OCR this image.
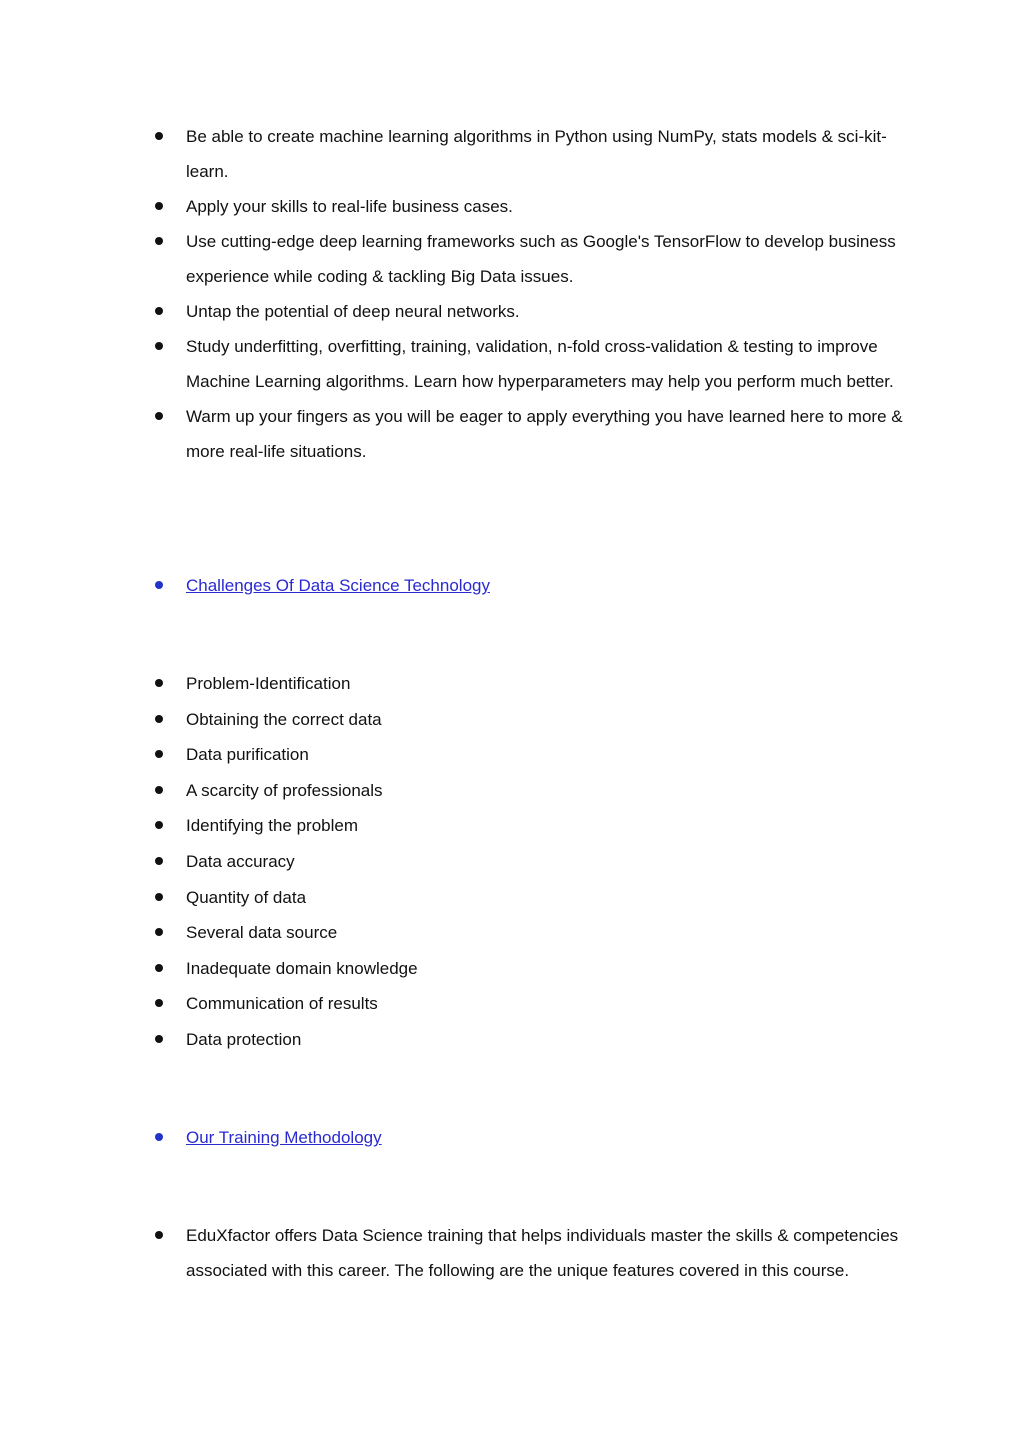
Be able to create machine learning algorithms in Python using NumPy, stats models & sci-kit-learn.
Apply your skills to real-life business cases.
Use cutting-edge deep learning frameworks such as Google's TensorFlow to develop business experience while coding & tackling Big Data issues.
Untap the potential of deep neural networks.
Study underfitting, overfitting, training, validation, n-fold cross-validation & testing to improve Machine Learning algorithms. Learn how hyperparameters may help you perform much better.
Warm up your fingers as you will be eager to apply everything you have learned here to more & more real-life situations.
Challenges Of Data Science Technology
Problem-Identification
Obtaining the correct data
Data purification
A scarcity of professionals
Identifying the problem
Data accuracy
Quantity of data
Several data source
Inadequate domain knowledge
Communication of results
Data protection
Our Training Methodology
EduXfactor offers Data Science training that helps individuals master the skills & competencies associated with this career. The following are the unique features covered in this course.
